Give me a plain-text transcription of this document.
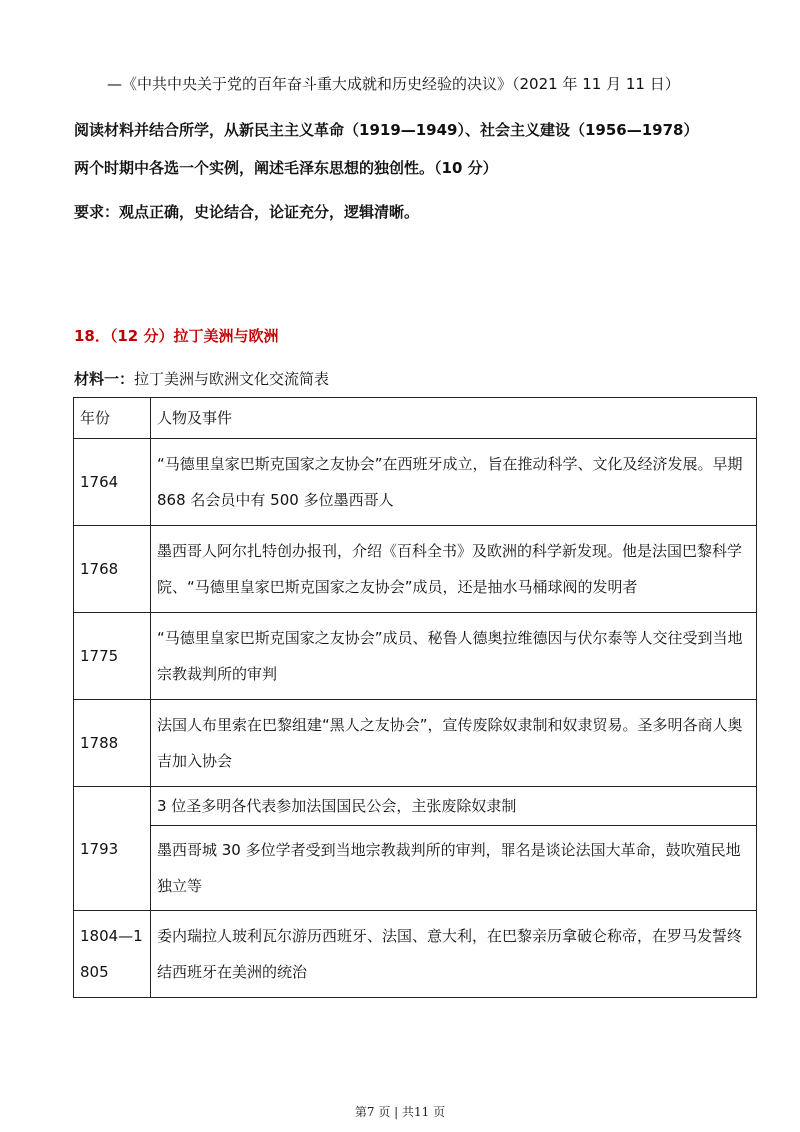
—《中共中央关于党的百年奋斗重大成就和历史经验的决议》（2021 年 11 月 11 日）
阅读材料并结合所学，从新民主主义革命（1919—1949）、社会主义建设（1956—1978）
两个时期中各选一个实例，阐述毛泽东思想的独创性。（10 分）
要求：观点正确，史论结合，论证充分，逻辑清晰。
18．（12 分）拉丁美洲与欧洲
材料一：拉丁美洲与欧洲文化交流简表
年份	人物及事件
1764	“马德里皇家巴斯克国家之友协会”在西班牙成立，旨在推动科学、文化及经济发展。早期 868 名会员中有 500 多位墨西哥人
1768	墨西哥人阿尔扎特创办报刊，介绍《百科全书》及欧洲的科学新发现。他是法国巴黎科学院、“马德里皇家巴斯克国家之友协会”成员，还是抽水马桶球阀的发明者
1775	“马德里皇家巴斯克国家之友协会”成员、秘鲁人德奥拉维德因与伏尔泰等人交往受到当地宗教裁判所的审判
1788	法国人布里索在巴黎组建“黑人之友协会”，宣传废除奴隶制和奴隶贸易。圣多明各商人奥吉加入协会
1793	3 位圣多明各代表参加法国国民公会，主张废除奴隶制
	墨西哥城 30 多位学者受到当地宗教裁判所的审判，罪名是谈论法国大革命，鼓吹殖民地独立等
1804—1805	委内瑞拉人玻利瓦尔游历西班牙、法国、意大利，在巴黎亲历拿破仑称帝，在罗马发誓终结西班牙在美洲的统治
第7 页 | 共11 页
